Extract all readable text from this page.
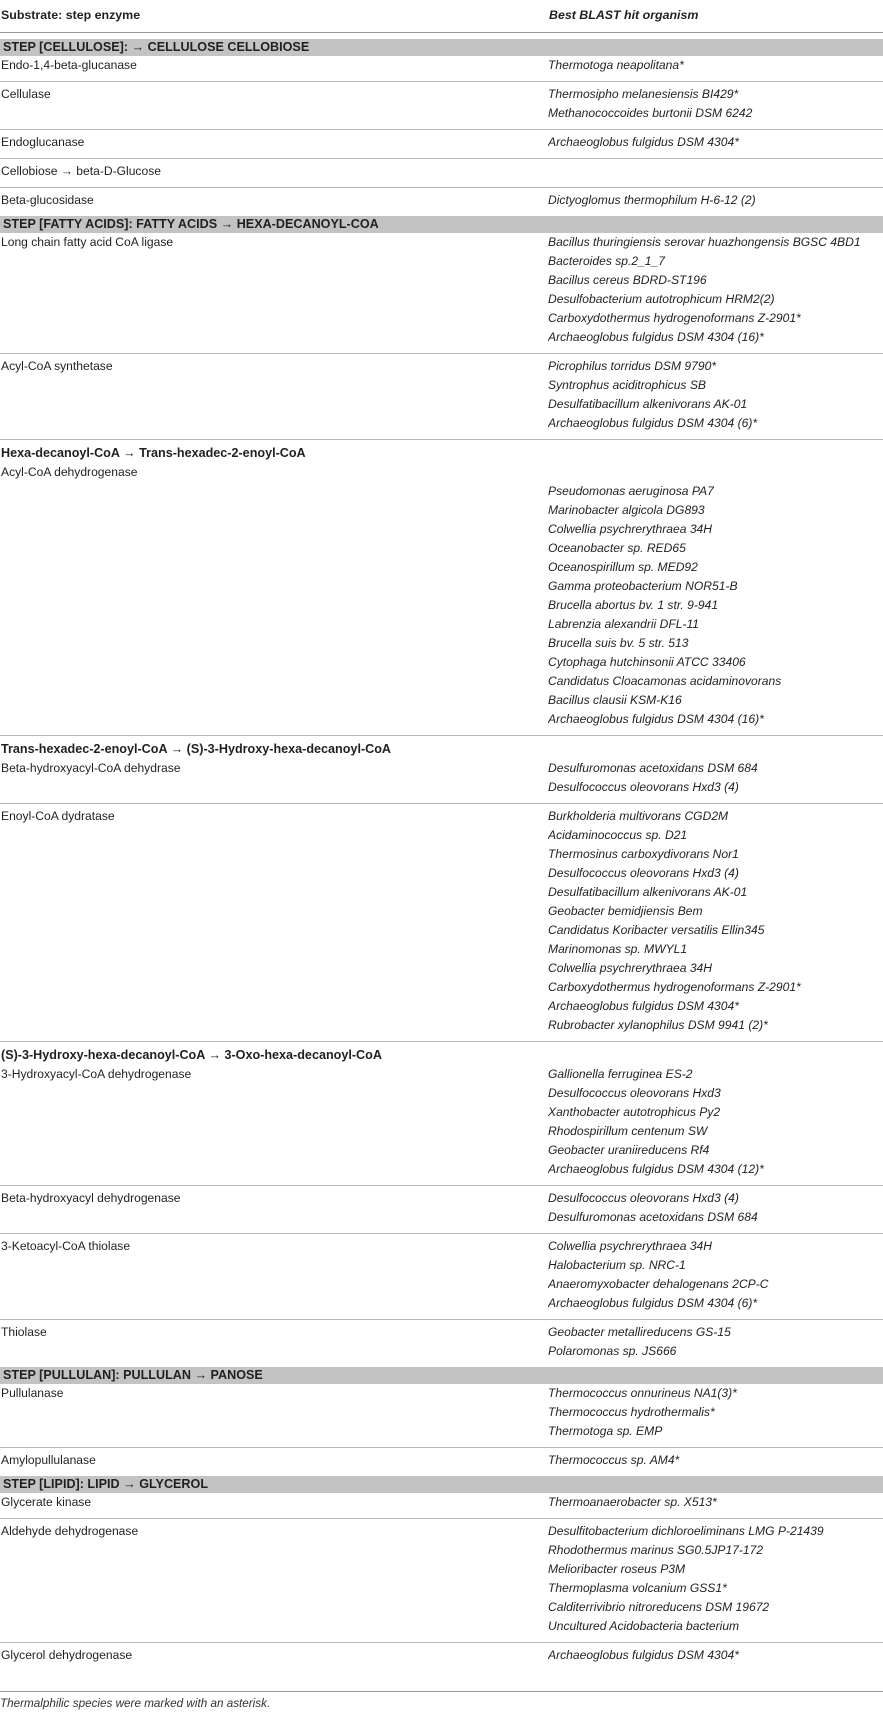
Substrate: step enzyme	Best BLAST hit organism
STEP [CELLULOSE]: → CELLULOSE CELLOBIOSE
Endo-1,4-beta-glucanase	Thermotoga neapolitana*
Cellulase	Thermosipho melanesiensis BI429*
Methanococcoides burtonii DSM 6242
Endoglucanase	Archaeoglobus fulgidus DSM 4304*
Cellobiose → beta-D-Glucose
Beta-glucosidase	Dictyoglomus thermophilum H-6-12 (2)
STEP [FATTY ACIDS]: FATTY ACIDS → HEXA-DECANOYL-COA
Long chain fatty acid CoA ligase	Bacillus thuringiensis serovar huazhongensis BGSC 4BD1
Bacteroides sp.2_1_7
Bacillus cereus BDRD-ST196
Desulfobacterium autotrophicum HRM2(2)
Carboxydothermus hydrogenoformans Z-2901*
Archaeoglobus fulgidus DSM 4304 (16)*
Acyl-CoA synthetase	Picrophilus torridus DSM 9790*
Syntrophus aciditrophicus SB
Desulfatibacillum alkenivorans AK-01
Archaeoglobus fulgidus DSM 4304 (6)*
Hexa-decanoyl-CoA → Trans-hexadec-2-enoyl-CoA
Acyl-CoA dehydrogenase
Pseudomonas aeruginosa PA7
Marinobacter algicola DG893
Colwellia psychrerythraea 34H
Oceanobacter sp. RED65
Oceanospirillum sp. MED92
Gamma proteobacterium NOR51-B
Brucella abortus bv. 1 str. 9-941
Labrenzia alexandrii DFL-11
Brucella suis bv. 5 str. 513
Cytophaga hutchinsonii ATCC 33406
Candidatus Cloacamonas acidaminovorans
Bacillus clausii KSM-K16
Archaeoglobus fulgidus DSM 4304 (16)*
Trans-hexadec-2-enoyl-CoA → (S)-3-Hydroxy-hexa-decanoyl-CoA
Beta-hydroxyacyl-CoA dehydrase	Desulfuromonas acetoxidans DSM 684
Desulfococcus oleovorans Hxd3 (4)
Enoyl-CoA dydratase	Burkholderia multivorans CGD2M
Acidaminococcus sp. D21
Thermosinus carboxydivorans Nor1
Desulfococcus oleovorans Hxd3 (4)
Desulfatibacillum alkenivorans AK-01
Geobacter bemidjiensis Bem
Candidatus Koribacter versatilis Ellin345
Marinomonas sp. MWYL1
Colwellia psychrerythraea 34H
Carboxydothermus hydrogenoformans Z-2901*
Archaeoglobus fulgidus DSM 4304*
Rubrobacter xylanophilus DSM 9941 (2)*
(S)-3-Hydroxy-hexa-decanoyl-CoA → 3-Oxo-hexa-decanoyl-CoA
3-Hydroxyacyl-CoA dehydrogenase	Gallionella ferruginea ES-2
Desulfococcus oleovorans Hxd3
Xanthobacter autotrophicus Py2
Rhodospirillum centenum SW
Geobacter uraniireducens Rf4
Archaeoglobus fulgidus DSM 4304 (12)*
Beta-hydroxyacyl dehydrogenase	Desulfococcus oleovorans Hxd3 (4)
Desulfuromonas acetoxidans DSM 684
3-Ketoacyl-CoA thiolase	Colwellia psychrerythraea 34H
Halobacterium sp. NRC-1
Anaeromyxobacter dehalogenans 2CP-C
Archaeoglobus fulgidus DSM 4304 (6)*
Thiolase	Geobacter metallireducens GS-15
Polaromonas sp. JS666
STEP [PULLULAN]: PULLULAN → PANOSE
Pullulanase	Thermococcus onnurineus NA1(3)*
Thermococcus hydrothermalis*
Thermotoga sp. EMP
Amylopullulanase	Thermococcus sp. AM4*
STEP [LIPID]: LIPID → GLYCEROL
Glycerate kinase	Thermoanaerobacter sp. X513*
Aldehyde dehydrogenase	Desulfitobacterium dichloroeliminans LMG P-21439
Rhodothermus marinus SG0.5JP17-172
Melioribacter roseus P3M
Thermoplasma volcanium GSS1*
Calditerrivibrio nitroreducens DSM 19672
Uncultured Acidobacteria bacterium
Glycerol dehydrogenase	Archaeoglobus fulgidus DSM 4304*
Thermalphilic species were marked with an asterisk.
